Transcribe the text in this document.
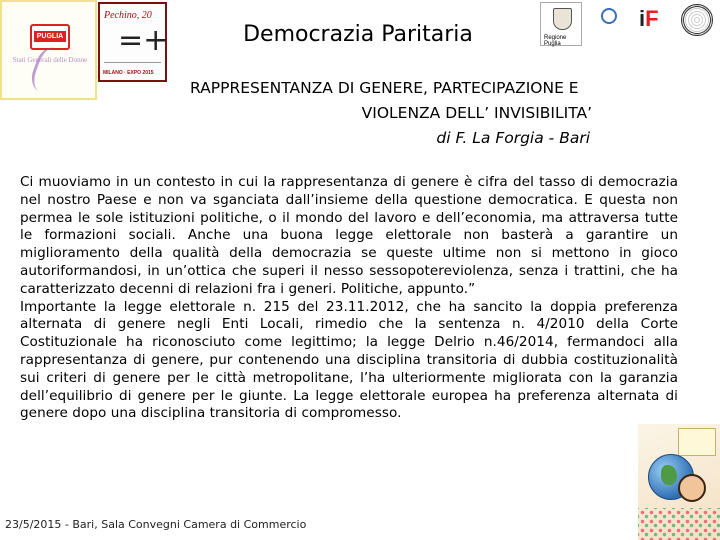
PUGLIA
Stati Generali delle Donne
Pechino, 20
=+
MILANO · EXPO 2015
Democrazia Paritaria	Regione Puglia
iF
RAPPRESENTANZA DI GENERE, PARTECIPAZIONE E
VIOLENZA DELL’ INVISIBILITA’
di F. La Forgia - Bari

Ci muoviamo in un contesto in cui la rappresentanza di genere è cifra del tasso di democrazia nel nostro Paese e non va sganciata dall’insieme della questione democratica. E questa non permea le sole istituzioni politiche, o il mondo del lavoro e dell’economia, ma attraversa tutte le formazioni sociali. Anche una buona legge elettorale non basterà a garantire un miglioramento della qualità della democrazia se queste ultime non si mettono in gioco autoriformandosi, in un’ottica che superi il nesso sessopotereviolenza, senza i trattini, che ha caratterizzato decenni di relazioni fra i generi. Politiche, appunto.”

Importante la legge elettorale n. 215 del 23.11.2012, che ha sancito la doppia preferenza alternata di genere negli Enti Locali, rimedio che la sentenza n. 4/2010 della Corte Costituzionale ha riconosciuto come legittimo; la legge Delrio n.46/2014, fermandoci alla rappresentanza di genere, pur contenendo una disciplina transitoria di dubbia costituzionalità sui criteri di genere per le città metropolitane, l’ha ulteriormente migliorata con la garanzia dell’equilibrio di genere per le giunte. La legge elettorale europea ha preferenza alternata di genere dopo una disciplina transitoria di compromesso.

23/5/2015 - Bari, Sala Convegni Camera di Commercio
